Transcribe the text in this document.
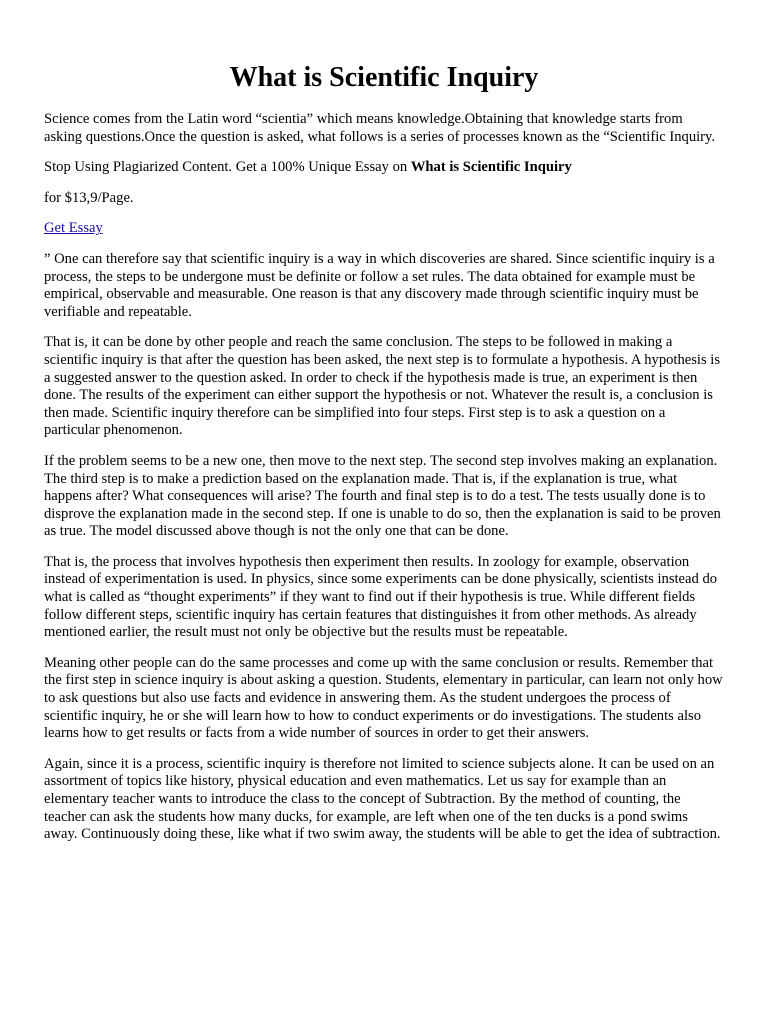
What is Scientific Inquiry

Science comes from the Latin word “scientia” which means knowledge.Obtaining that knowledge starts from asking questions.Once the question is asked, what follows is a series of processes known as the “Scientific Inquiry.

Stop Using Plagiarized Content. Get a 100% Unique Essay on What is Scientific Inquiry

for $13,9/Page.

Get Essay

” One can therefore say that scientific inquiry is a way in which discoveries are shared. Since scientific inquiry is a process, the steps to be undergone must be definite or follow a set rules. The data obtained for example must be empirical, observable and measurable. One reason is that any discovery made through scientific inquiry must be verifiable and repeatable.

That is, it can be done by other people and reach the same conclusion. The steps to be followed in making a scientific inquiry is that after the question has been asked, the next step is to formulate a hypothesis. A hypothesis is a suggested answer to the question asked. In order to check if the hypothesis made is true, an experiment is then done. The results of the experiment can either support the hypothesis or not. Whatever the result is, a conclusion is then made. Scientific inquiry therefore can be simplified into four steps. First step is to ask a question on a particular phenomenon.

If the problem seems to be a new one, then move to the next step. The second step involves making an explanation. The third step is to make a prediction based on the explanation made. That is, if the explanation is true, what happens after? What consequences will arise? The fourth and final step is to do a test. The tests usually done is to disprove the explanation made in the second step. If one is unable to do so, then the explanation is said to be proven as true. The model discussed above though is not the only one that can be done.

That is, the process that involves hypothesis then experiment then results. In zoology for example, observation instead of experimentation is used. In physics, since some experiments can be done physically, scientists instead do what is called as “thought experiments” if they want to find out if their hypothesis is true. While different fields follow different steps, scientific inquiry has certain features that distinguishes it from other methods. As already mentioned earlier, the result must not only be objective but the results must be repeatable.

Meaning other people can do the same processes and come up with the same conclusion or results. Remember that the first step in science inquiry is about asking a question. Students, elementary in particular, can learn not only how to ask questions but also use facts and evidence in answering them. As the student undergoes the process of scientific inquiry, he or she will learn how to how to conduct experiments or do investigations. The students also learns how to get results or facts from a wide number of sources in order to get their answers.

Again, since it is a process, scientific inquiry is therefore not limited to science subjects alone. It can be used on an assortment of topics like history, physical education and even mathematics. Let us say for example than an elementary teacher wants to introduce the class to the concept of Subtraction. By the method of counting, the teacher can ask the students how many ducks, for example, are left when one of the ten ducks is a pond swims away. Continuously doing these, like what if two swim away, the students will be able to get the idea of subtraction.
